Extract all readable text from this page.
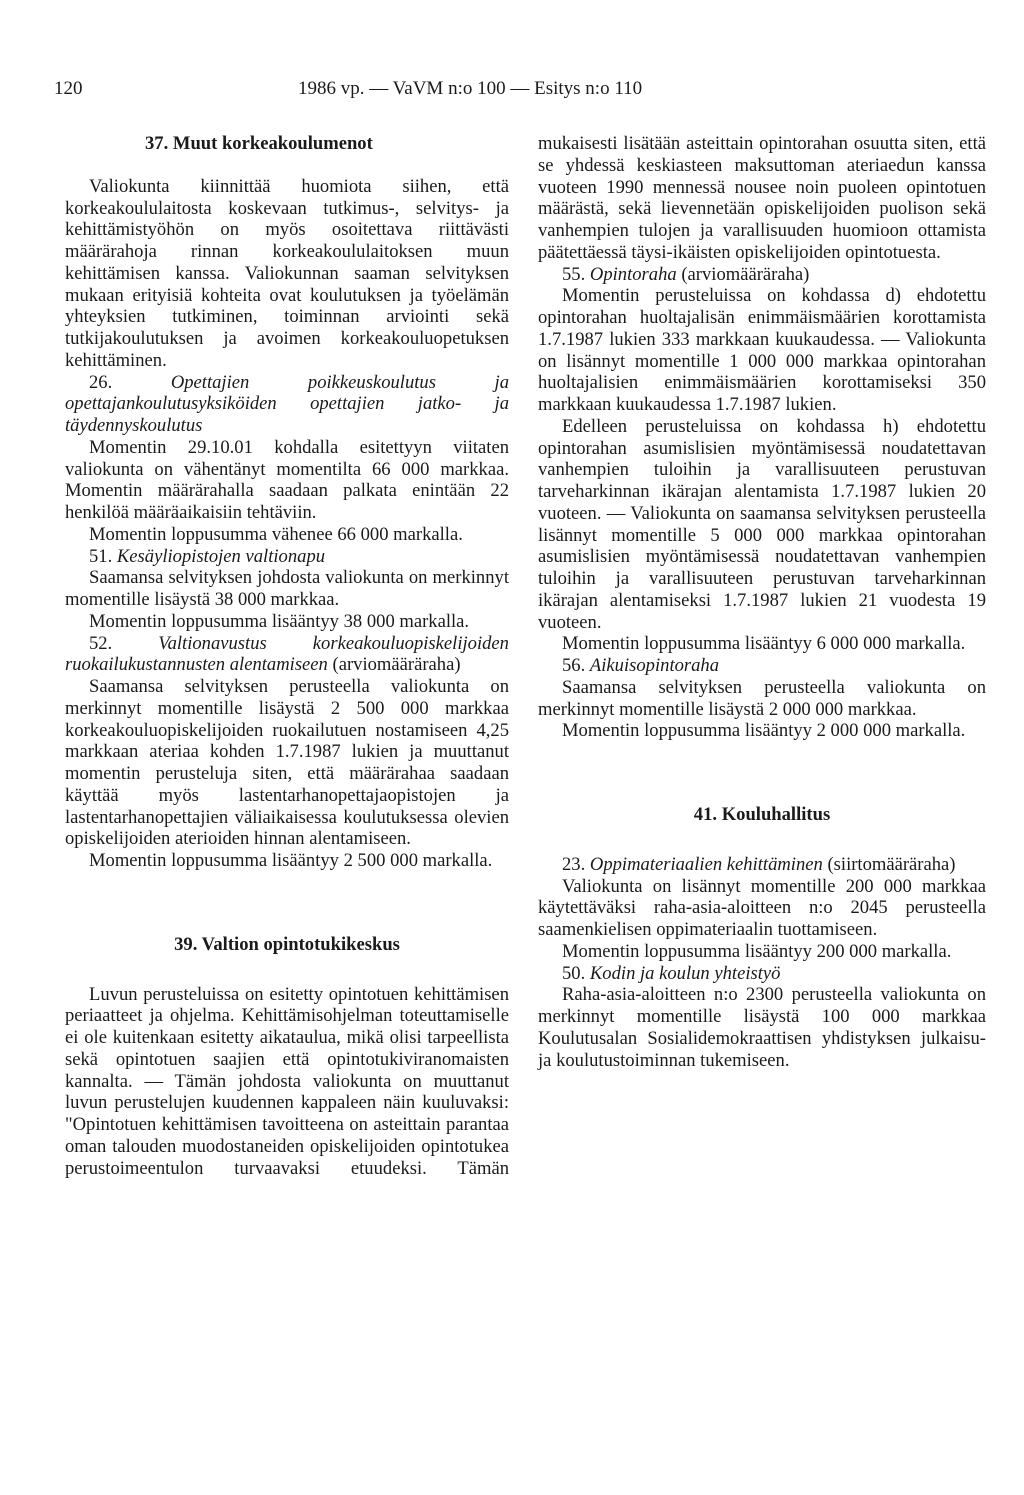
120	1986 vp. — VaVM n:o 100 — Esitys n:o 110
37. Muut korkeakoulumenot

Valiokunta kiinnittää huomiota siihen, että korkeakoululaitosta koskevaan tutkimus-, selvitys- ja kehittämistyöhön on myös osoitettava riittävästi määrärahoja rinnan korkeakoululaitoksen muun kehittämisen kanssa. Valiokunnan saaman selvityksen mukaan erityisiä kohteita ovat koulutuksen ja työelämän yhteyksien tutkiminen, toiminnan arviointi sekä tutkijakoulutuksen ja avoimen korkeakouluopetuksen kehittäminen.

26.	Opettajien poikkeuskoulutus ja opettajankoulutusyksiköiden opettajien jatko- ja täydennyskoulutus

Momentin 29.10.01 kohdalla esitettyyn viitaten valiokunta on vähentänyt momentilta 66 000 markkaa. Momentin määrärahalla saadaan palkata enintään 22 henkilöä määräaikaisiin tehtäviin.

Momentin loppusumma vähenee 66 000 markalla.

51. Kesäyliopistojen valtionapu

Saamansa selvityksen johdosta valiokunta on merkinnyt momentille lisäystä 38 000 markkaa.

Momentin loppusumma lisääntyy 38 000 markalla.

52. Valtionavustus korkeakouluopiskelijoiden ruokailukustannusten alentamiseen (arviomääräraha)

Saamansa selvityksen perusteella valiokunta on merkinnyt momentille lisäystä 2 500 000 markkaa korkeakouluopiskelijoiden ruokailutuen nostamiseen 4,25 markkaan ateriaa kohden 1.7.1987 lukien ja muuttanut momentin perusteluja siten, että määrärahaa saadaan käyttää myös lastentarhanopettajaopistojen ja lastentarhanopettajien väliaikaisessa koulutuksessa olevien opiskelijoiden aterioiden hinnan alentamiseen.

Momentin loppusumma lisääntyy 2 500 000 markalla.

39. Valtion opintotukikeskus

Luvun perusteluissa on esitetty opintotuen kehittämisen periaatteet ja ohjelma. Kehittämisohjelman toteuttamiselle ei ole kuitenkaan esitetty aikataulua, mikä olisi tarpeellista sekä opintotuen saajien että opintotukiviranomaisten kannalta. — Tämän johdosta valiokunta on muuttanut luvun perustelujen kuudennen kappaleen näin kuuluvaksi: "Opintotuen kehittämisen tavoitteena on asteittain parantaa oman talouden muodostaneiden opiskelijoiden opintotukea perustoimeentulon turvaavaksi etuudeksi. Tämän

mukaisesti lisätään asteittain opintorahan osuutta siten, että se yhdessä keskiasteen maksuttoman ateriaedun kanssa vuoteen 1990 mennessä nousee noin puoleen opintotuen määrästä, sekä lievennetään opiskelijoiden puolison sekä vanhempien tulojen ja varallisuuden huomioon ottamista päätettäessä täysi-ikäisten opiskelijoiden opintotuesta.

55. Opintoraha (arviomääräraha)

Momentin perusteluissa on kohdassa d) ehdotettu opintorahan huoltajalisän enimmäismäärien korottamista 1.7.1987 lukien 333 markkaan kuukaudessa. — Valiokunta on lisännyt momentille 1 000 000 markkaa opintorahan huoltajalisien enimmäismäärien korottamiseksi 350 markkaan kuukaudessa 1.7.1987 lukien.

Edelleen perusteluissa on kohdassa h) ehdotettu opintorahan asumislisien myöntämisessä noudatettavan vanhempien tuloihin ja varallisuuteen perustuvan tarveharkinnan ikärajan alentamista 1.7.1987 lukien 20 vuoteen. — Valiokunta on saamansa selvityksen perusteella lisännyt momentille 5 000 000 markkaa opintorahan asumislisien myöntämisessä noudatettavan vanhempien tuloihin ja varallisuuteen perustuvan tarveharkinnan ikärajan alentamiseksi 1.7.1987 lukien 21 vuodesta 19 vuoteen.

Momentin loppusumma lisääntyy 6 000 000 markalla.

56. Aikuisopintoraha

Saamansa selvityksen perusteella valiokunta on merkinnyt momentille lisäystä 2 000 000 markkaa.

Momentin loppusumma lisääntyy 2 000 000 markalla.

41. Kouluhallitus

23. Oppimateriaalien kehittäminen (siirtomääräraha)

Valiokunta on lisännyt momentille 200 000 markkaa käytettäväksi raha-asia-aloitteen n:o 2045 perusteella saamenkielisen oppimateriaalin tuottamiseen.

Momentin loppusumma lisääntyy 200 000 markalla.

50. Kodin ja koulun yhteistyö

Raha-asia-aloitteen n:o 2300 perusteella valiokunta on merkinnyt momentille lisäystä 100 000 markkaa Koulutusalan Sosialidemokraattisen yhdistyksen julkaisu- ja koulutustoiminnan tukemiseen.
